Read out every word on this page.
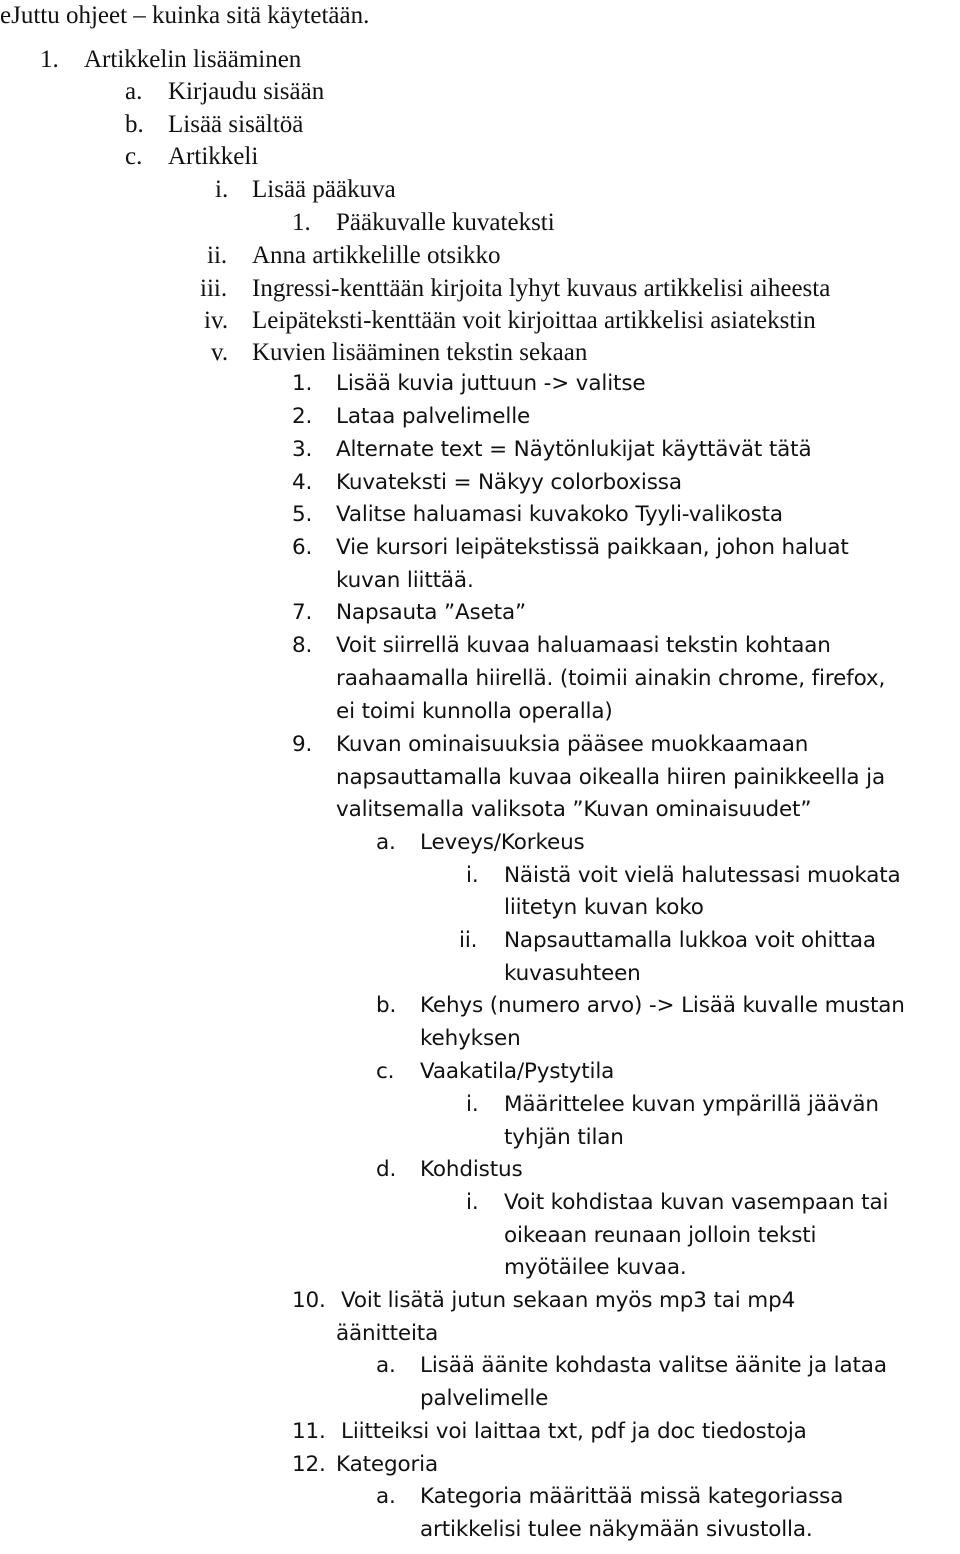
eJuttu ohjeet – kuinka sitä käytetään.
1. Artikkelin lisääminen
a. Kirjaudu sisään
b. Lisää sisältöä
c. Artikkeli
i. Lisää pääkuva
1. Pääkuvalle kuvateksti
ii. Anna artikkelille otsikko
iii. Ingressi-kenttään kirjoita lyhyt kuvaus artikkelisi aiheesta
iv. Leipäteksti-kenttään voit kirjoittaa artikkelisi asiatekstin
v. Kuvien lisääminen tekstin sekaan
1. Lisää kuvia juttuun -> valitse
2. Lataa palvelimelle
3. Alternate text = Näytönlukijat käyttävät tätä
4. Kuvateksti = Näkyy colorboxissa
5. Valitse haluamasi kuvakoko Tyyli-valikosta
6. Vie kursori leipätekstissä paikkaan, johon haluat
kuvan liittää.
7. Napsauta ”Aseta”
8. Voit siirrellä kuvaa haluamaasi tekstin kohtaan
raahaamalla hiirellä. (toimii ainakin chrome, firefox,
ei toimi kunnolla operalla)
9. Kuvan ominaisuuksia pääsee muokkaamaan
napsauttamalla kuvaa oikealla hiiren painikkeella ja
valitsemalla valiksota ”Kuvan ominaisuudet”
a. Leveys/Korkeus
i. Näistä voit vielä halutessasi muokata
liitetyn kuvan koko
ii. Napsauttamalla lukkoa voit ohittaa
kuvasuhteen
b. Kehys (numero arvo) -> Lisää kuvalle mustan
kehyksen
c. Vaakatila/Pystytila
i. Määrittelee kuvan ympärillä jäävän
tyhjän tilan
d. Kohdistus
i. Voit kohdistaa kuvan vasempaan tai
oikeaan reunaan jolloin teksti
myötäilee kuvaa.
10. Voit lisätä jutun sekaan myös mp3 tai mp4
äänitteita
a. Lisää äänite kohdasta valitse äänite ja lataa
palvelimelle
11. Liitteiksi voi laittaa txt, pdf ja doc tiedostoja
12. Kategoria
a. Kategoria määrittää missä kategoriassa
artikkelisi tulee näkymään sivustolla.
